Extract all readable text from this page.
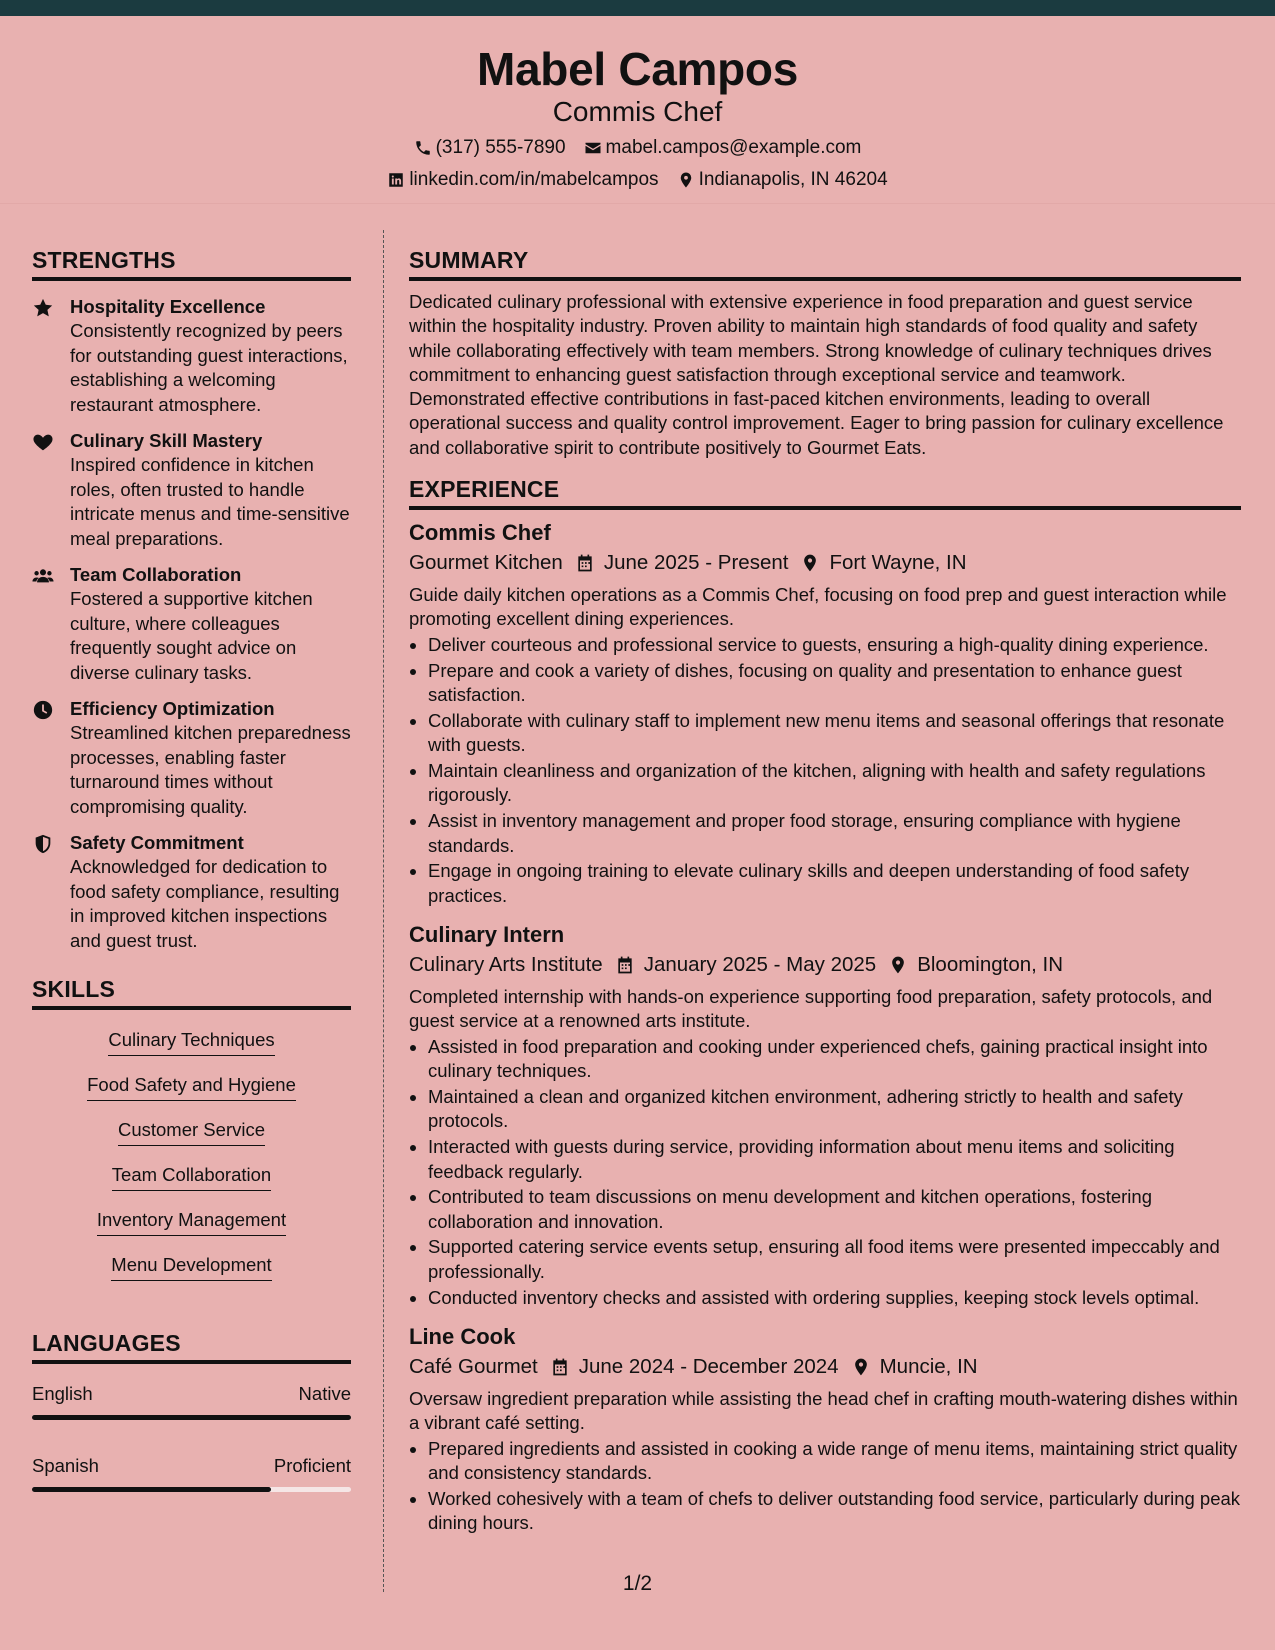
Mabel Campos
Commis Chef
(317) 555-7890 mabel.campos@example.com
linkedin.com/in/mabelcampos Indianapolis, IN 46204
STRENGTHS
Hospitality Excellence
Consistently recognized by peers for outstanding guest interactions, establishing a welcoming restaurant atmosphere.
Culinary Skill Mastery
Inspired confidence in kitchen roles, often trusted to handle intricate menus and time-sensitive meal preparations.
Team Collaboration
Fostered a supportive kitchen culture, where colleagues frequently sought advice on diverse culinary tasks.
Efficiency Optimization
Streamlined kitchen preparedness processes, enabling faster turnaround times without compromising quality.
Safety Commitment
Acknowledged for dedication to food safety compliance, resulting in improved kitchen inspections and guest trust.
SKILLS
Culinary Techniques
Food Safety and Hygiene
Customer Service
Team Collaboration
Inventory Management
Menu Development
LANGUAGES
English	Native
Spanish	Proficient
SUMMARY
Dedicated culinary professional with extensive experience in food preparation and guest service within the hospitality industry. Proven ability to maintain high standards of food quality and safety while collaborating effectively with team members. Strong knowledge of culinary techniques drives commitment to enhancing guest satisfaction through exceptional service and teamwork. Demonstrated effective contributions in fast-paced kitchen environments, leading to overall operational success and quality control improvement. Eager to bring passion for culinary excellence and collaborative spirit to contribute positively to Gourmet Eats.
EXPERIENCE
Commis Chef
Gourmet Kitchen June 2025 - Present Fort Wayne, IN
Guide daily kitchen operations as a Commis Chef, focusing on food prep and guest interaction while promoting excellent dining experiences.
• Deliver courteous and professional service to guests, ensuring a high-quality dining experience.
• Prepare and cook a variety of dishes, focusing on quality and presentation to enhance guest satisfaction.
• Collaborate with culinary staff to implement new menu items and seasonal offerings that resonate with guests.
• Maintain cleanliness and organization of the kitchen, aligning with health and safety regulations rigorously.
• Assist in inventory management and proper food storage, ensuring compliance with hygiene standards.
• Engage in ongoing training to elevate culinary skills and deepen understanding of food safety practices.
Culinary Intern
Culinary Arts Institute January 2025 - May 2025 Bloomington, IN
Completed internship with hands-on experience supporting food preparation, safety protocols, and guest service at a renowned arts institute.
• Assisted in food preparation and cooking under experienced chefs, gaining practical insight into culinary techniques.
• Maintained a clean and organized kitchen environment, adhering strictly to health and safety protocols.
• Interacted with guests during service, providing information about menu items and soliciting feedback regularly.
• Contributed to team discussions on menu development and kitchen operations, fostering collaboration and innovation.
• Supported catering service events setup, ensuring all food items were presented impeccably and professionally.
• Conducted inventory checks and assisted with ordering supplies, keeping stock levels optimal.
Line Cook
Café Gourmet June 2024 - December 2024 Muncie, IN
Oversaw ingredient preparation while assisting the head chef in crafting mouth-watering dishes within a vibrant café setting.
• Prepared ingredients and assisted in cooking a wide range of menu items, maintaining strict quality and consistency standards.
• Worked cohesively with a team of chefs to deliver outstanding food service, particularly during peak dining hours.
1/2
